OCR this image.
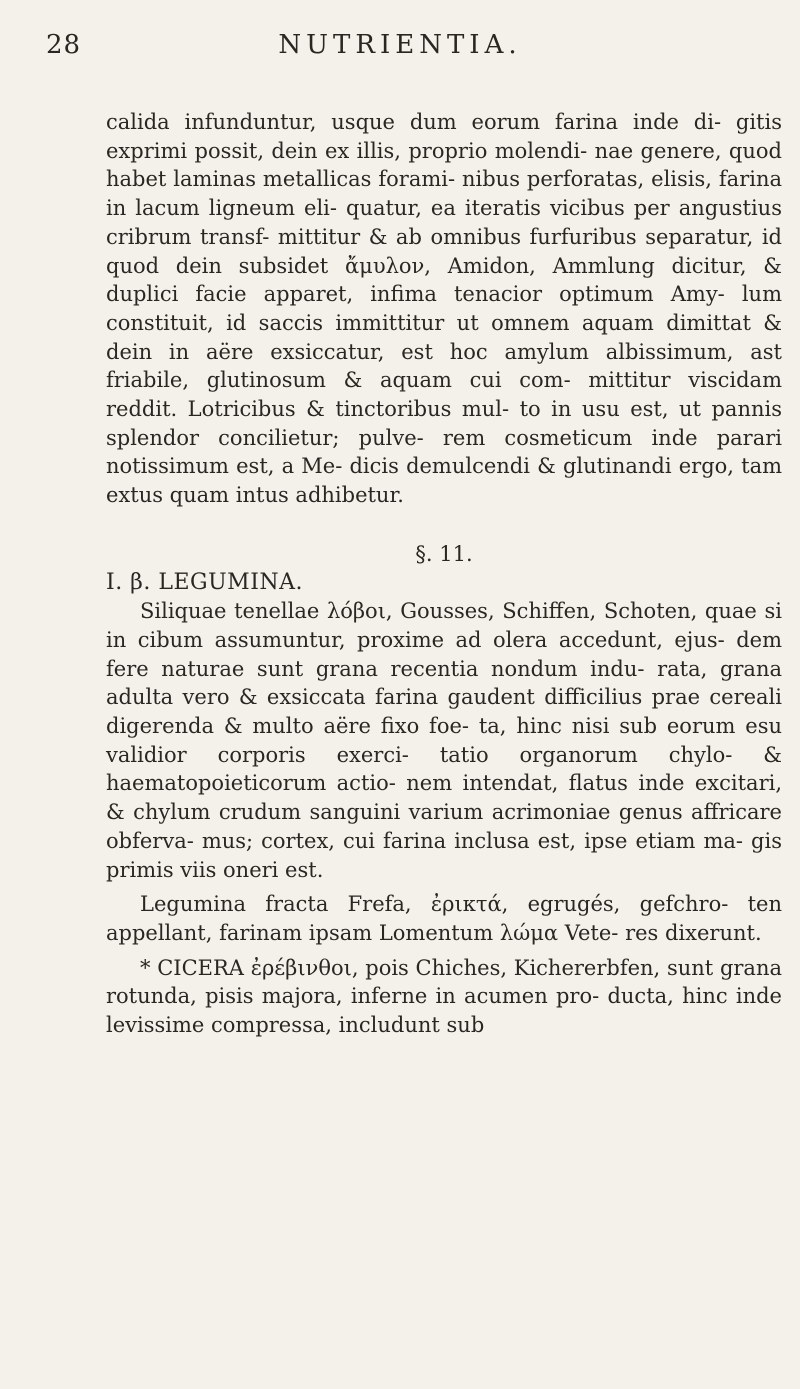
28	NUTRIENTIA.

calida infunduntur, usque dum eorum farina inde di- gitis exprimi possit, dein ex illis, proprio molendi- nae genere, quod habet laminas metallicas forami- nibus perforatas, elisis, farina in lacum ligneum eli- quatur, ea iteratis vicibus per angustius cribrum transf- mittitur & ab omnibus furfuribus separatur, id quod dein subsidet ἄμυλον, Amidon, Ammlung dicitur, & duplici facie apparet, infima tenacior optimum Amy- lum constituit, id saccis immittitur ut omnem aquam dimittat & dein in aëre exsiccatur, est hoc amylum albissimum, ast friabile, glutinosum & aquam cui com- mittitur viscidam reddit. Lotricibus & tinctoribus mul- to in usu est, ut pannis splendor concilietur; pulve- rem cosmeticum inde parari notissimum est, a Me- dicis demulcendi & glutinandi ergo, tam extus quam intus adhibetur.

§. 11.

I. β. LEGUMINA.

Siliquae tenellae λόβοι, Gousses, Schiffen, Schoten, quae si in cibum assumuntur, proxime ad olera accedunt, ejus- dem fere naturae sunt grana recentia nondum indu- rata, grana adulta vero & exsiccata farina gaudent difficilius prae cereali digerenda & multo aëre fixo foe- ta, hinc nisi sub eorum esu validior corporis exerci- tatio organorum chylo- & haematopoieticorum actio- nem intendat, flatus inde excitari, & chylum crudum sanguini varium acrimoniae genus affricare obferva- mus; cortex, cui farina inclusa est, ipse etiam ma- gis primis viis oneri est.

Legumina fracta Frefa, ἐρικτά, egrugés, gefchro- ten appellant, farinam ipsam Lomentum λώμα Vete- res dixerunt.

* CICERA ἐρέβινθοι, pois Chiches, Kichererbfen, sunt grana rotunda, pisis majora, inferne in acumen pro- ducta, hinc inde levissime compressa, includunt sub
